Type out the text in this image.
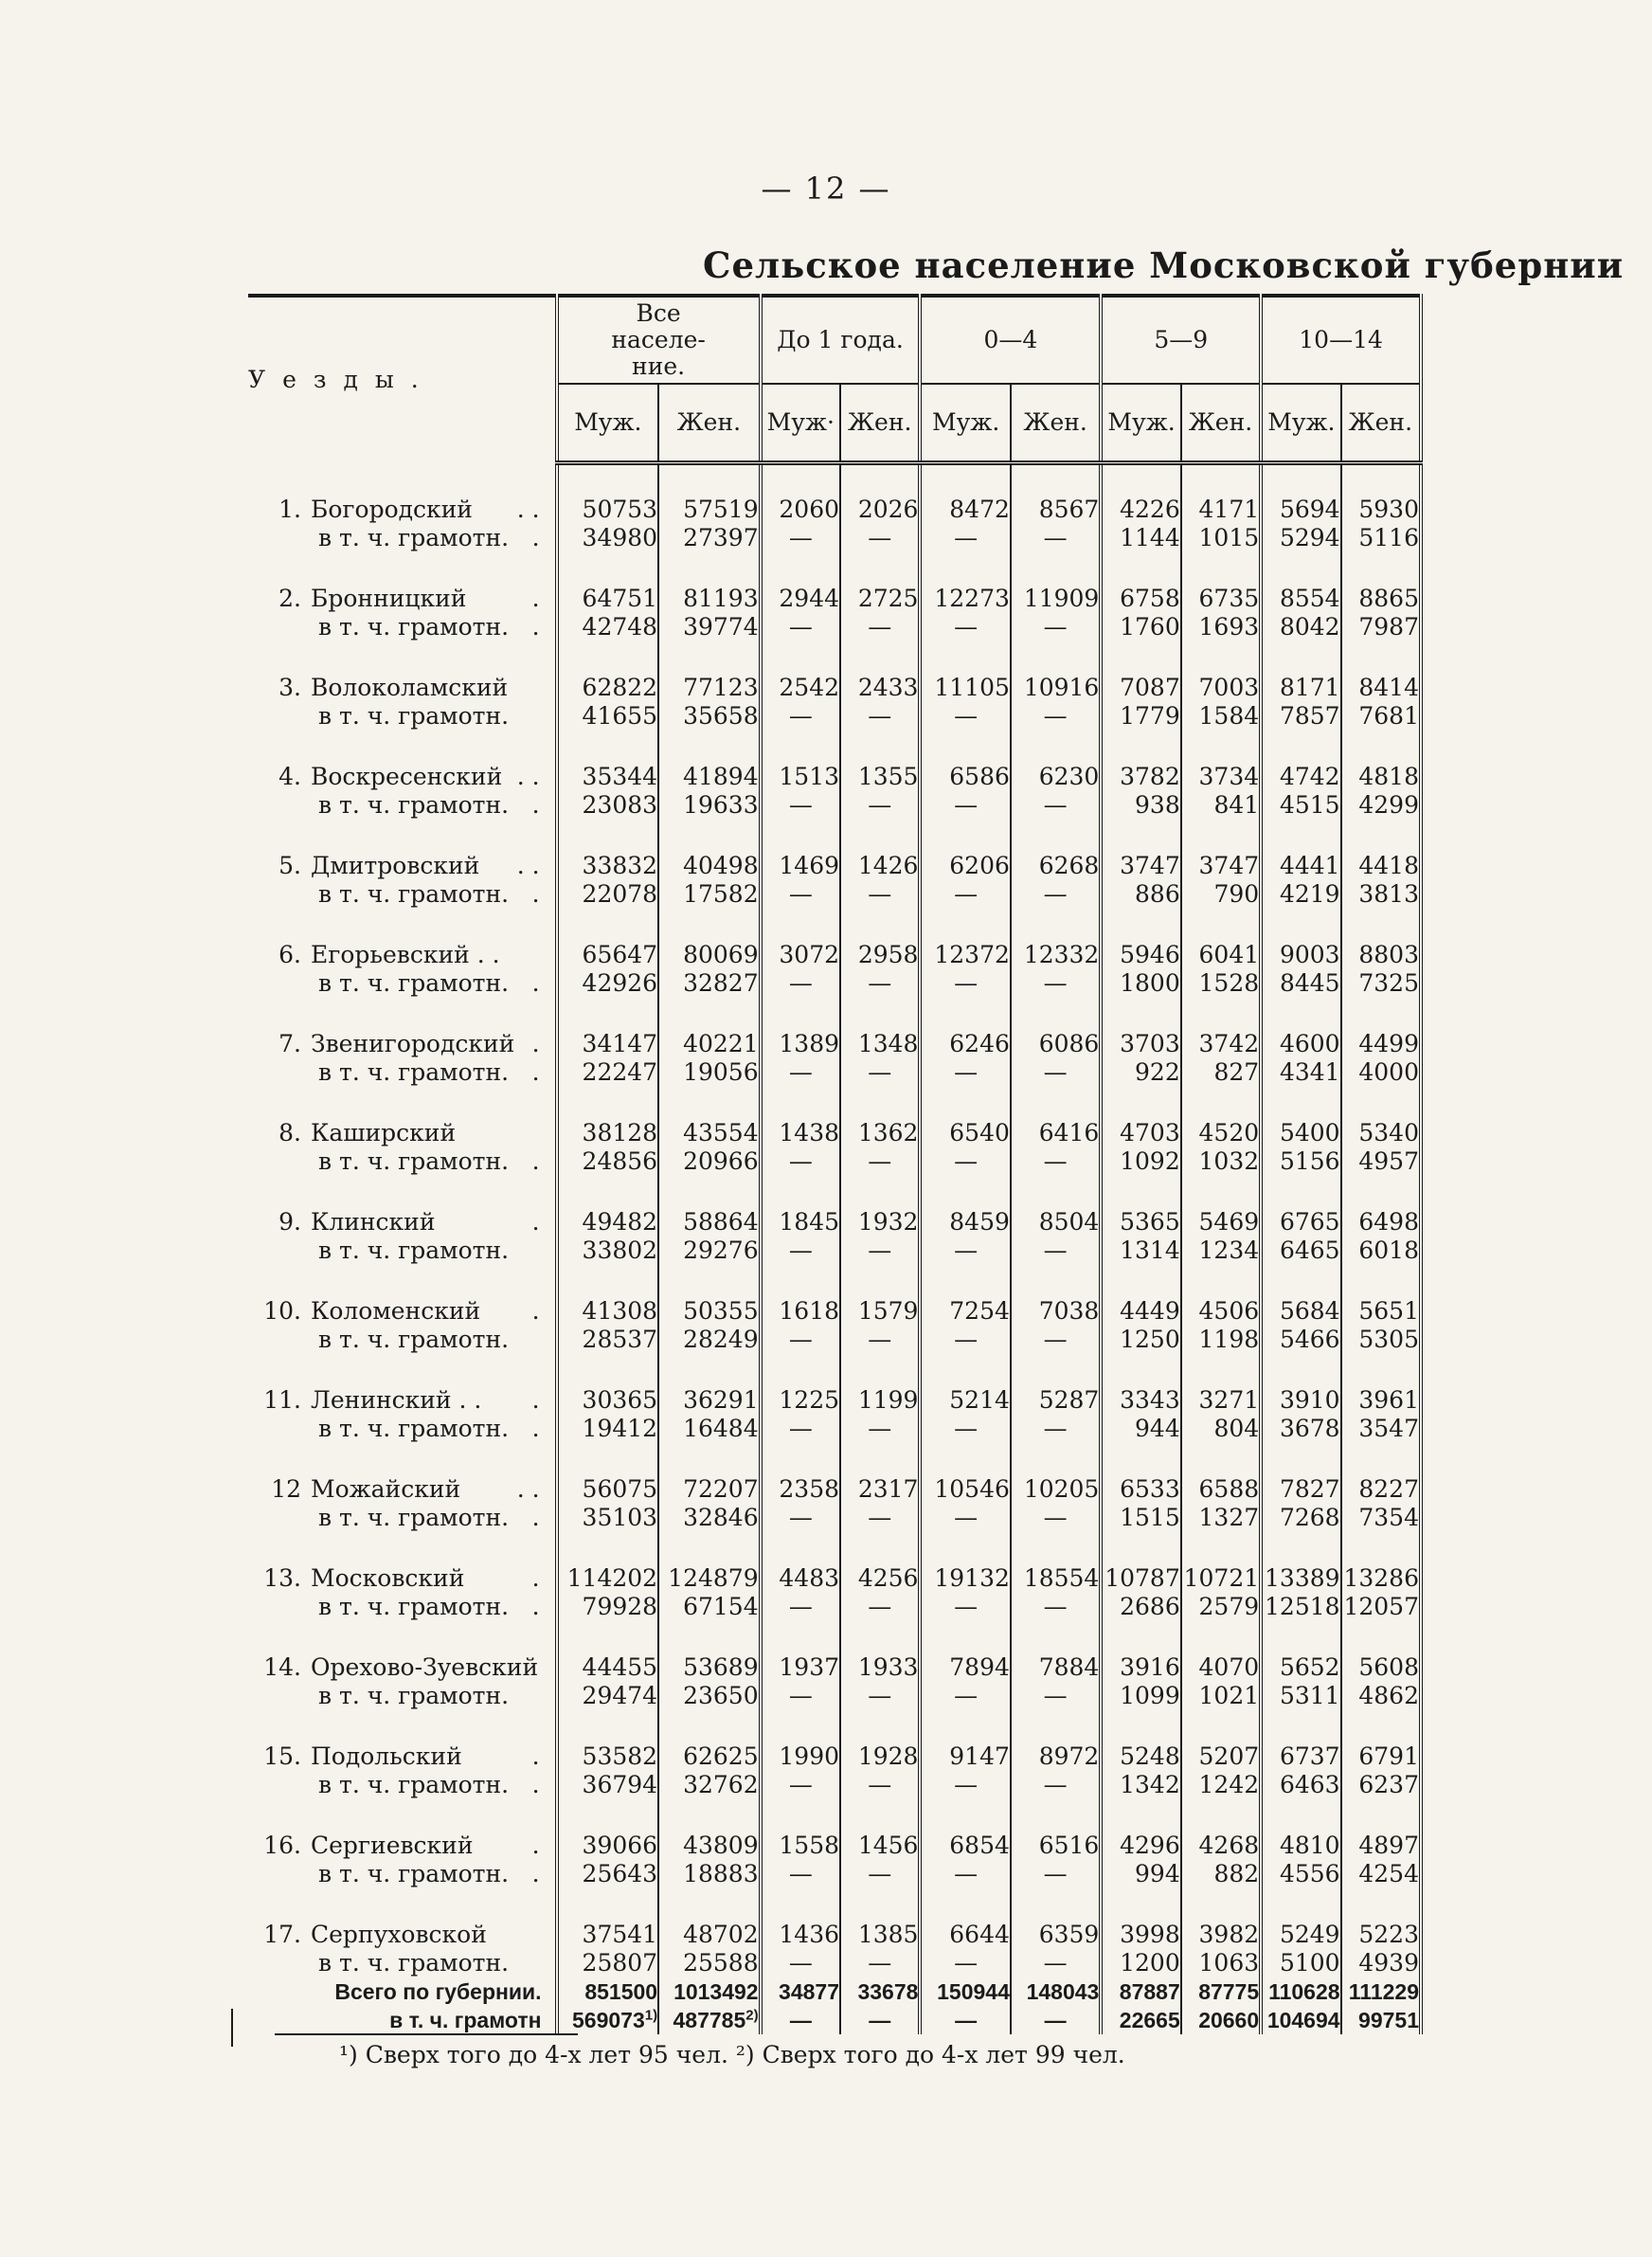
— 12 —
Сельское население Московской губернии
Уезды.	Все населе-ние.		До 1 года.		0—4		5—9		10—14	
	Муж.	Жен.	Муж·	Жен.	Муж.	Жен.	Муж.	Жен.	Муж.	Жен.

1. Богородский . .	50753	57519	2060	2026	8472	8567	4226	4171	5694	5930
в т. ч. грамотн. .	34980	27397	—	—	—	—	1144	1015	5294	5116

2. Бронницкий .	64751	81193	2944	2725	12273	11909	6758	6735	8554	8865
в т. ч. грамотн. .	42748	39774	—	—	—	—	1760	1693	8042	7987

3. Волоколамский	62822	77123	2542	2433	11105	10916	7087	7003	8171	8414
в т. ч. грамотн.	41655	35658	—	—	—	—	1779	1584	7857	7681

4. Воскресенский . .	35344	41894	1513	1355	6586	6230	3782	3734	4742	4818
в т. ч. грамотн. .	23083	19633	—	—	—	—	938	841	4515	4299

5. Дмитровский . .	33832	40498	1469	1426	6206	6268	3747	3747	4441	4418
в т. ч. грамотн. .	22078	17582	—	—	—	—	886	790	4219	3813

6. Егорьевский . .	65647	80069	3072	2958	12372	12332	5946	6041	9003	8803
в т. ч. грамотн. .	42926	32827	—	—	—	—	1800	1528	8445	7325

7. Звенигородский .	34147	40221	1389	1348	6246	6086	3703	3742	4600	4499
в т. ч. грамотн. .	22247	19056	—	—	—	—	922	827	4341	4000

8. Каширский	38128	43554	1438	1362	6540	6416	4703	4520	5400	5340
в т. ч. грамотн. .	24856	20966	—	—	—	—	1092	1032	5156	4957

9. Клинский .	49482	58864	1845	1932	8459	8504	5365	5469	6765	6498
в т. ч. грамотн.	33802	29276	—	—	—	—	1314	1234	6465	6018

10. Коломенский .	41308	50355	1618	1579	7254	7038	4449	4506	5684	5651
в т. ч. грамотн.	28537	28249	—	—	—	—	1250	1198	5466	5305

11. Ленинский . . .	30365	36291	1225	1199	5214	5287	3343	3271	3910	3961
в т. ч. грамотн. .	19412	16484	—	—	—	—	944	804	3678	3547

12 Можайский . .	56075	72207	2358	2317	10546	10205	6533	6588	7827	8227
в т. ч. грамотн. .	35103	32846	—	—	—	—	1515	1327	7268	7354

13. Московский .	114202	124879	4483	4256	19132	18554	10787	10721	13389	13286
в т. ч. грамотн. .	79928	67154	—	—	—	—	2686	2579	12518	12057

14. Орехово-Зуевский	44455	53689	1937	1933	7894	7884	3916	4070	5652	5608
в т. ч. грамотн.	29474	23650	—	—	—	—	1099	1021	5311	4862

15. Подольский .	53582	62625	1990	1928	9147	8972	5248	5207	6737	6791
в т. ч. грамотн. .	36794	32762	—	—	—	—	1342	1242	6463	6237

16. Сергиевский .	39066	43809	1558	1456	6854	6516	4296	4268	4810	4897
в т. ч. грамотн. .	25643	18883	—	—	—	—	994	882	4556	4254

17. Серпуховской	37541	48702	1436	1385	6644	6359	3998	3982	5249	5223
в т. ч. грамотн.	25807	25588	—	—	—	—	1200	1063	5100	4939
Всего по губернии.	851500	1013492	34877	33678	150944	148043	87887	87775	110628	111229
в т. ч. грамотн	569073$^{1)}$	487785$^{2)}$	—	—	—	—	22665	20660	104694	99751
¹) Сверх того до 4-х лет 95 чел. ²) Сверх того до 4-х лет 99 чел.
